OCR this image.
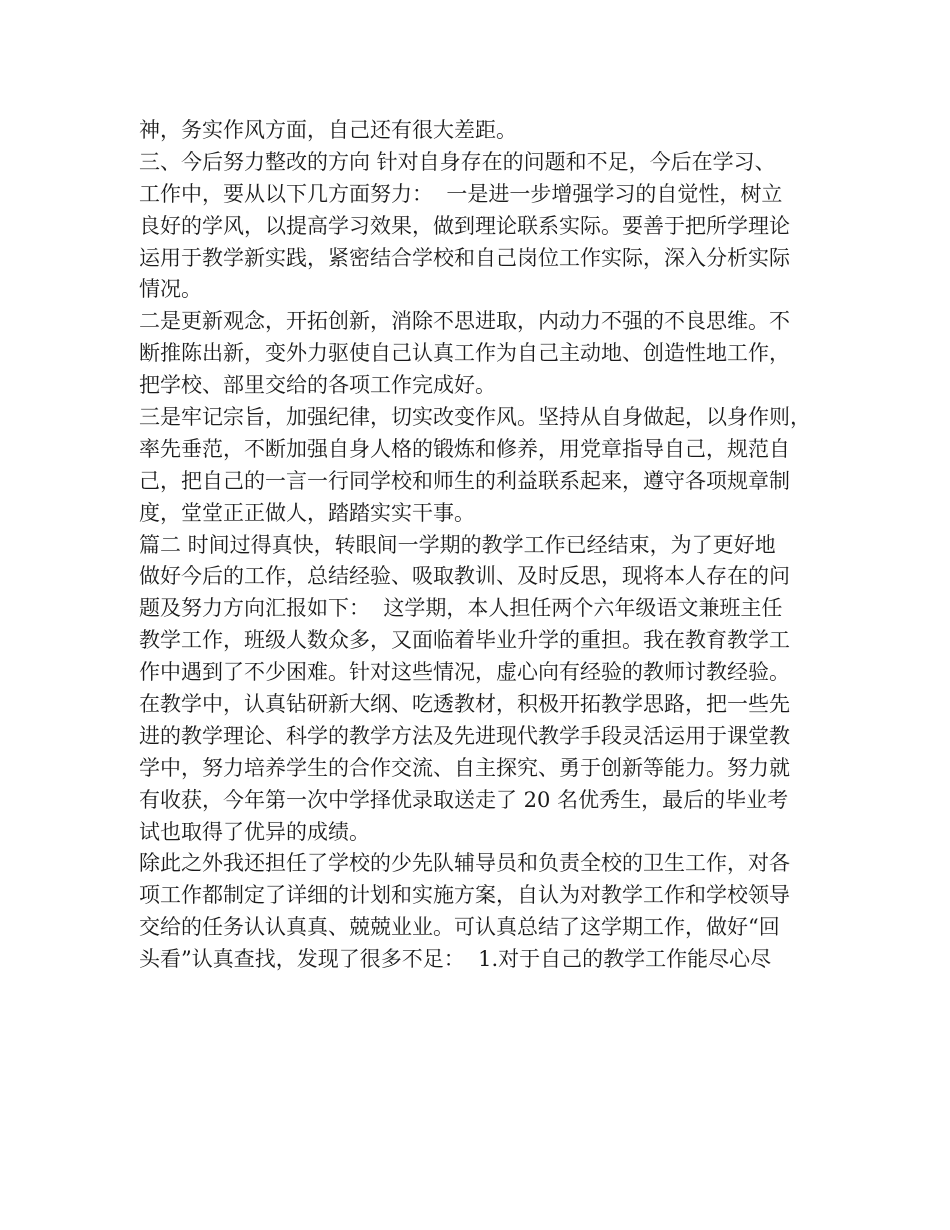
神，务实作风方面，自己还有很大差距。
三、今后努力整改的方向 针对自身存在的问题和不足，今后在学习、
工作中，要从以下几方面努力：  一是进一步增强学习的自觉性，树立
良好的学风，以提高学习效果，做到理论联系实际。要善于把所学理论
运用于教学新实践，紧密结合学校和自己岗位工作实际，深入分析实际
情况。
二是更新观念，开拓创新，消除不思进取，内动力不强的不良思维。不
断推陈出新，变外力驱使自己认真工作为自己主动地、创造性地工作，
把学校、部里交给的各项工作完成好。
三是牢记宗旨，加强纪律，切实改变作风。坚持从自身做起，以身作则，
率先垂范，不断加强自身人格的锻炼和修养，用党章指导自己，规范自
己，把自己的一言一行同学校和师生的利益联系起来，遵守各项规章制
度，堂堂正正做人，踏踏实实干事。
篇二 时间过得真快，转眼间一学期的教学工作已经结束，为了更好地
做好今后的工作，总结经验、吸取教训、及时反思，现将本人存在的问
题及努力方向汇报如下：  这学期，本人担任两个六年级语文兼班主任
教学工作，班级人数众多，又面临着毕业升学的重担。我在教育教学工
作中遇到了不少困难。针对这些情况，虚心向有经验的教师讨教经验。
在教学中，认真钻研新大纲、吃透教材，积极开拓教学思路，把一些先
进的教学理论、科学的教学方法及先进现代教学手段灵活运用于课堂教
学中，努力培养学生的合作交流、自主探究、勇于创新等能力。努力就
有收获，今年第一次中学择优录取送走了 20 名优秀生，最后的毕业考
试也取得了优异的成绩。
除此之外我还担任了学校的少先队辅导员和负责全校的卫生工作，对各
项工作都制定了详细的计划和实施方案，自认为对教学工作和学校领导
交给的任务认认真真、兢兢业业。可认真总结了这学期工作，做好“回
头看”认真查找，发现了很多不足：  1.对于自己的教学工作能尽心尽
